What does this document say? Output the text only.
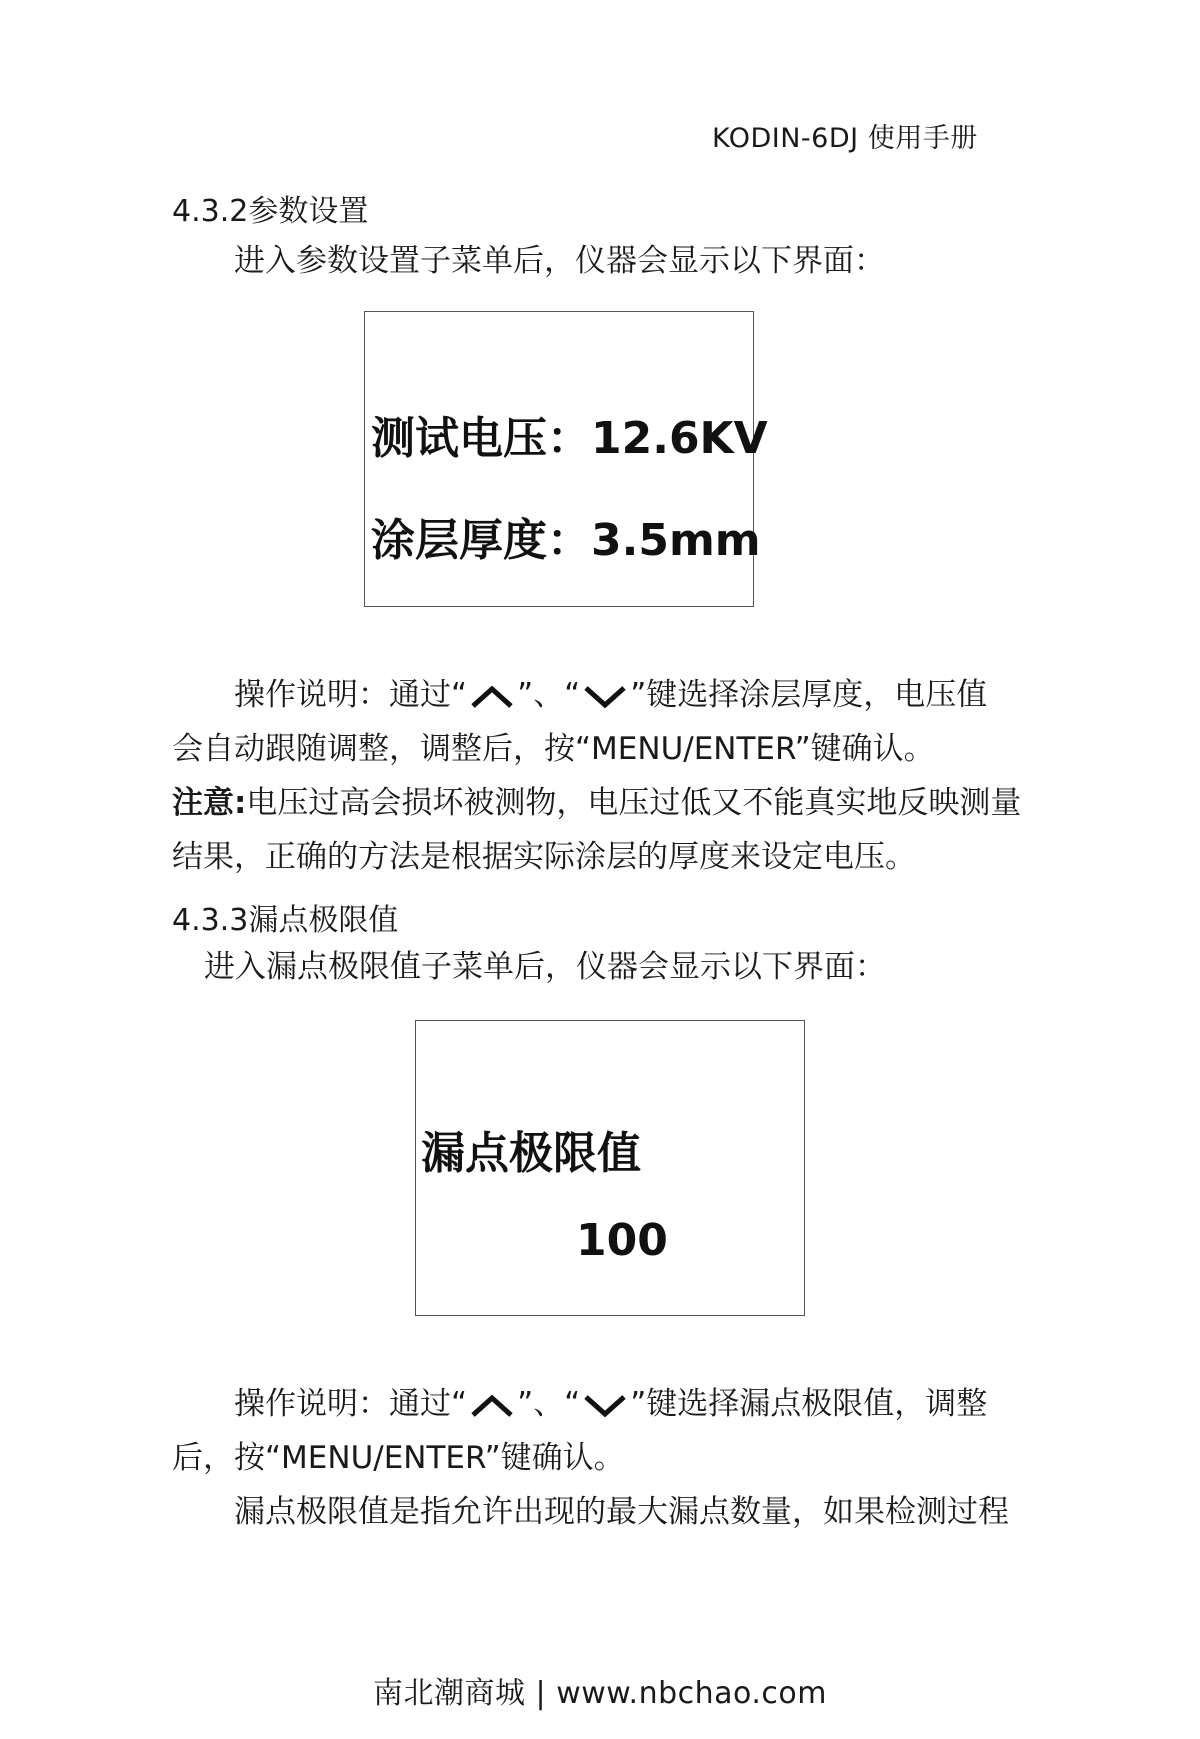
KODIN-6DJ 使用手册
4.3.2参数设置
进入参数设置子菜单后，仪器会显示以下界面：
测试电压：12.6KV
涂层厚度：3.5mm
操作说明：通过“ ”、“ ”键选择涂层厚度，电压值
会自动跟随调整，调整后，按“MENU/ENTER”键确认。
注意:电压过高会损坏被测物，电压过低又不能真实地反映测量
结果，正确的方法是根据实际涂层的厚度来设定电压。
4.3.3漏点极限值
进入漏点极限值子菜单后，仪器会显示以下界面：
漏点极限值
100
操作说明：通过“ ”、“ ”键选择漏点极限值，调整
后，按“MENU/ENTER”键确认。
漏点极限值是指允许出现的最大漏点数量，如果检测过程
南北潮商城 | www.nbchao.com
